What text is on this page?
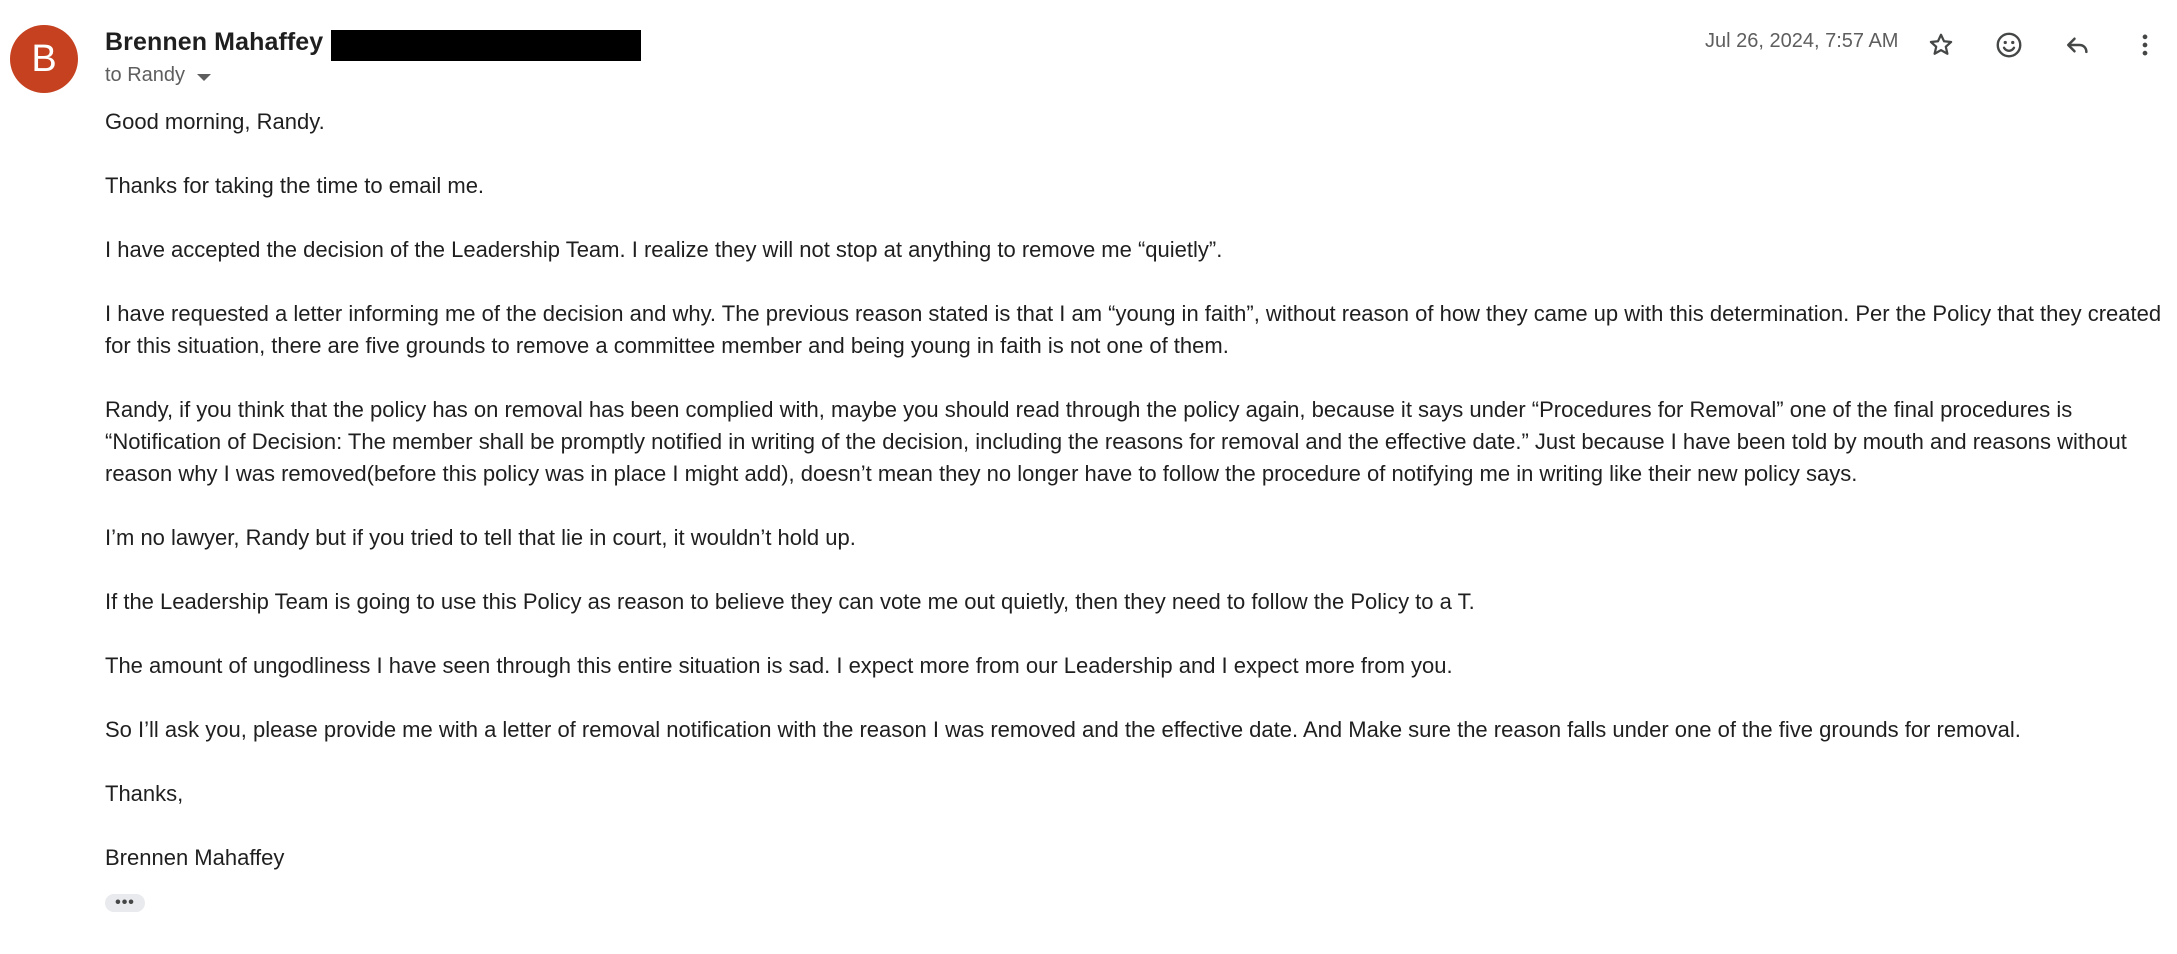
B Brennen Mahaffey
to Randy
Jul 26, 2024, 7:57 AM

Good morning, Randy.

Thanks for taking the time to email me.

I have accepted the decision of the Leadership Team. I realize they will not stop at anything to remove me “quietly”.

I have requested a letter informing me of the decision and why. The previous reason stated is that I am “young in faith”, without reason of how they came up with this determination. Per the Policy that they created for this situation, there are five grounds to remove a committee member and being young in faith is not one of them.

Randy, if you think that the policy has on removal has been complied with, maybe you should read through the policy again, because it says under “Procedures for Removal” one of the final procedures is “Notification of Decision: The member shall be promptly notified in writing of the decision, including the reasons for removal and the effective date.” Just because I have been told by mouth and reasons without reason why I was removed(before this policy was in place I might add), doesn’t mean they no longer have to follow the procedure of notifying me in writing like their new policy says.

I’m no lawyer, Randy but if you tried to tell that lie in court, it wouldn’t hold up.

If the Leadership Team is going to use this Policy as reason to believe they can vote me out quietly, then they need to follow the Policy to a T.

The amount of ungodliness I have seen through this entire situation is sad. I expect more from our Leadership and I expect more from you.

So I’ll ask you, please provide me with a letter of removal notification with the reason I was removed and the effective date. And Make sure the reason falls under one of the five grounds for removal.

Thanks,

Brennen Mahaffey

•••
